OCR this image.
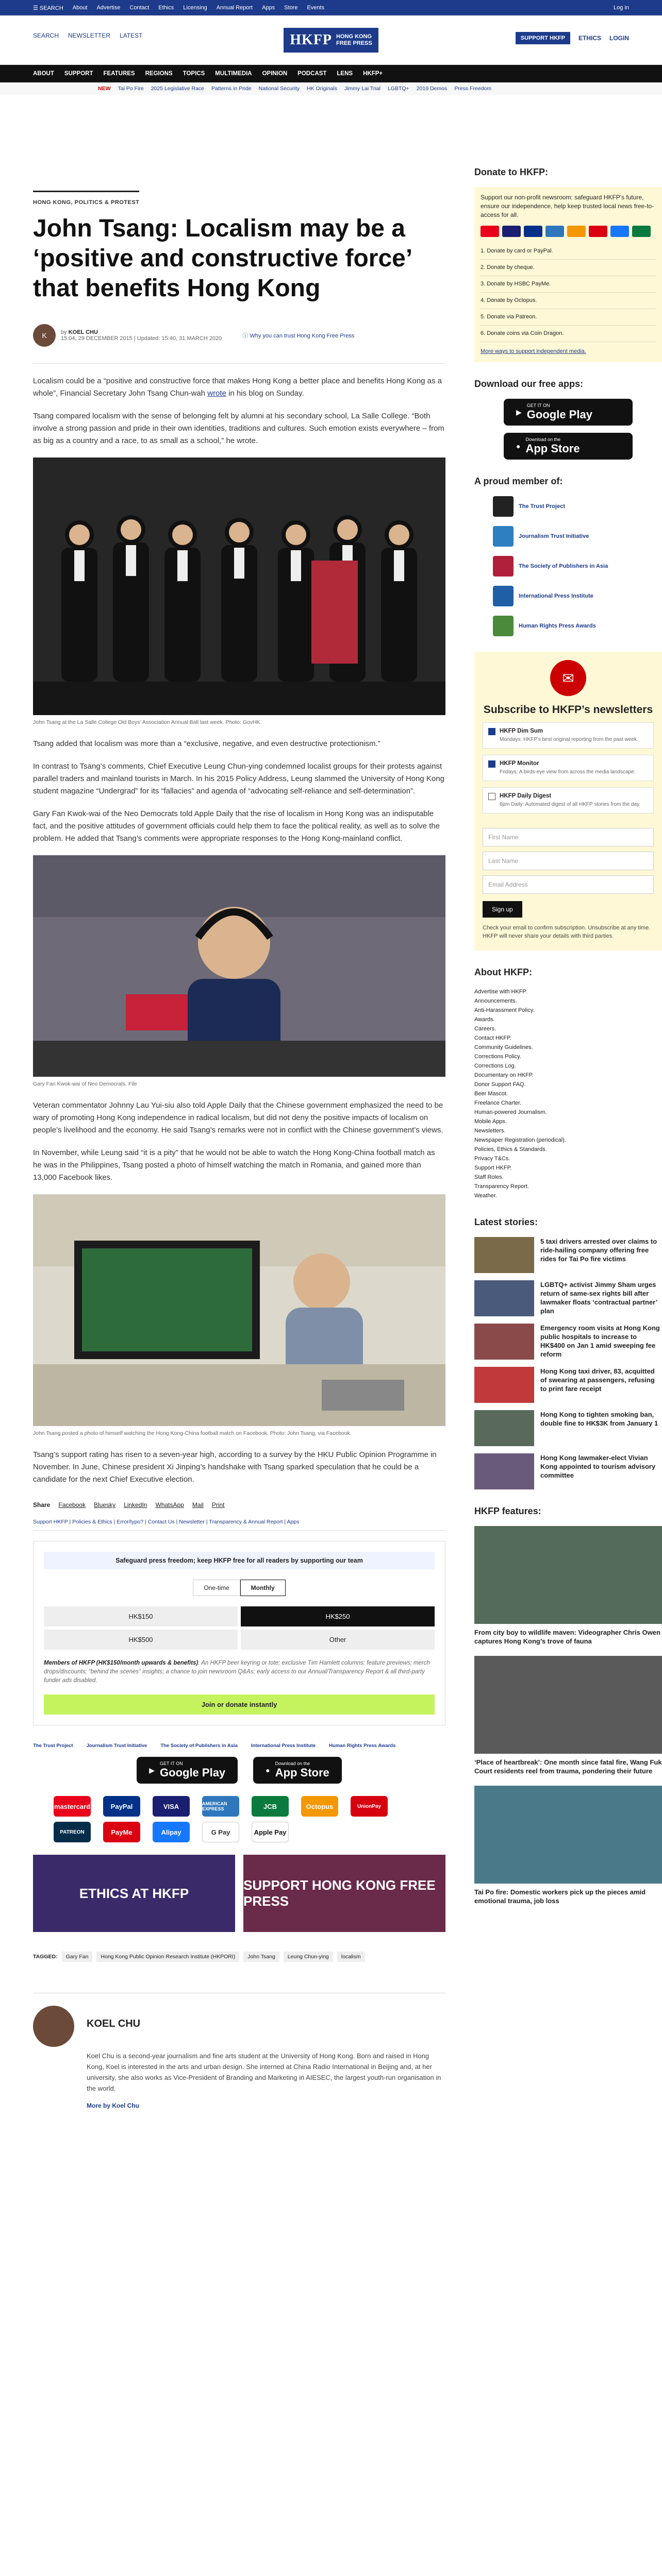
☰ SEARCH About Advertise Contact Ethics Licensing Annual Report Apps Store Events	Log in
SEARCH NEWSLETTER LATEST	HKFP HONG KONG
FREE PRESS
SUPPORT HKFP	ETHICS LOGIN
ABOUT SUPPORT FEATURES REGIONS TOPICS MULTIMEDIA OPINION PODCAST LENS HKFP+
NEW Tai Po Fire 2025 Legislative Race Patterns in Pride National Security HK Originals Jimmy Lai Trial LGBTQ+ 2019 Demos Press Freedom
HONG KONG, POLITICS & PROTEST
John Tsang: Localism may be a ‘positive and constructive force’ that benefits Hong Kong
K	by KOEL CHU
15:04, 29 DECEMBER 2015 | Updated: 15:40, 31 MARCH 2020	ⓘ Why you can trust Hong Kong Free Press

Localism could be a “positive and constructive force that makes Hong Kong a better place and benefits Hong Kong as a whole”, Financial Secretary John Tsang Chun-wah wrote in his blog on Sunday.

Tsang compared localism with the sense of belonging felt by alumni at his secondary school, La Salle College. “Both involve a strong passion and pride in their own identities, traditions and cultures. Such emotion exists everywhere – from as big as a country and a race, to as small as a school,” he wrote.

John Tsang at the La Salle College Old Boys’ Association Annual Ball last week. Photo: GovHK.

Tsang added that localism was more than a “exclusive, negative, and even destructive protectionism.”

In contrast to Tsang’s comments, Chief Executive Leung Chun-ying condemned localist groups for their protests against parallel traders and mainland tourists in March. In his 2015 Policy Address, Leung slammed the University of Hong Kong student magazine “Undergrad” for its “fallacies” and agenda of “advocating self-reliance and self-determination”.

Gary Fan Kwok-wai of the Neo Democrats told Apple Daily that the rise of localism in Hong Kong was an indisputable fact, and the positive attitudes of government officials could help them to face the political reality, as well as to solve the problem. He added that Tsang’s comments were appropriate responses to the Hong Kong-mainland conflict.

Gary Fan Kwok-wai of Neo Democrats. File

Veteran commentator Johnny Lau Yui-siu also told Apple Daily that the Chinese government emphasized the need to be wary of promoting Hong Kong independence in radical localism, but did not deny the positive impacts of localism on people’s livelihood and the economy. He said Tsang’s remarks were not in conflict with the Chinese government’s views.

In November, while Leung said “it is a pity” that he would not be able to watch the Hong Kong-China football match as he was in the Philippines, Tsang posted a photo of himself watching the match in Romania, and gained more than 13,000 Facebook likes.

John Tsang posted a photo of himself watching the Hong Kong-China football match on Facebook. Photo: John Tsang, via Facebook.

Tsang’s support rating has risen to a seven-year high, according to a survey by the HKU Public Opinion Programme in November. In June, Chinese president Xi Jinping’s handshake with Tsang sparked speculation that he could be a candidate for the next Chief Executive election.

Share Facebook Bluesky LinkedIn WhatsApp Mail Print
Support HKFP | Policies & Ethics | Error/typo? | Contact Us | Newsletter | Transparency & Annual Report | Apps
Safeguard press freedom; keep HKFP free for all readers by supporting our team
One-time	Monthly
HK$150	HK$250
HK$500	Other
Members of HKFP (HK$150/month upwards & benefits): An HKFP beer keyring or tote; exclusive Tim Hamlett columns; feature previews; merch drops/discounts; “behind the scenes” insights; a chance to join newsroom Q&As; early access to our Annual/Transparency Report & all third-party funder ads disabled.
Join or donate instantly
The Trust Project	Journalism Trust Initiative	The Society of Publishers in Asia	International Press Institute	Human Rights Press Awards
▶
GET IT ON
Google Play	●
Download on the
App Store
mastercard	PayPal	VISA	AMERICAN EXPRESS	JCB	Octopus	UnionPay
PATREON	PayMe	Alipay	G Pay	Apple Pay
ETHICS AT HKFP
SUPPORT HONG KONG FREE PRESS
TAGGED:	Gary Fan	Hong Kong Public Opinion Research Institute (HKPORI)	John Tsang	Leung Chun-ying	localism
KOEL CHU
Koel Chu is a second-year journalism and fine arts student at the University of Hong Kong. Born and raised in Hong Kong, Koel is interested in the arts and urban design. She interned at China Radio International in Beijing and, at her university, she also works as Vice-President of Branding and Marketing in AIESEC, the largest youth-run organisation in the world.
More by Koel Chu
Donate to HKFP:
Support our non-profit newsroom: safeguard HKFP's future, ensure our independence, help keep trusted local news free-to-access for all.
1. Donate by card or PayPal.
2. Donate by cheque.
3. Donate by HSBC PayMe.
4. Donate by Octopus.
5. Donate via Patreon.
6. Donate coins via Coin Dragon.
More ways to support independent media.
Download our free apps:
▶
GET IT ON
Google Play
●
Download on the
App Store
A proud member of:
The Trust Project
Journalism Trust Initiative
The Society of Publishers in Asia
International Press Institute
Human Rights Press Awards
✉
Subscribe to HKFP’s newsletters
HKFP Dim Sum

Mondays: HKFP's best original reporting from the past week.

HKFP Monitor

Fridays: A birds-eye view from across the media landscape.

HKFP Daily Digest

6pm Daily: Automated digest of all HKFP stories from the day.

First Name
Last Name
Email Address
Sign up
Check your email to confirm subscription. Unsubscribe at any time. HKFP will never share your details with third parties.
About HKFP:
Advertise with HKFP.
Announcements.
Anti-Harassment Policy.
Awards.
Careers.
Contact HKFP.
Community Guidelines.
Corrections Policy.
Corrections Log.
Documentary on HKFP.
Donor Support FAQ.
Beer Mascot.
Freelance Charter.
Human-powered Journalism.
Mobile Apps.
Newsletters.
Newspaper Registration (periodical).
Policies, Ethics & Standards.
Privacy T&Cs.
Support HKFP.
Staff Roles.
Transparency Report.
Weather.
Latest stories:
5 taxi drivers arrested over claims to ride-hailing company offering free rides for Tai Po fire victims
LGBTQ+ activist Jimmy Sham urges return of same-sex rights bill after lawmaker floats ‘contractual partner’ plan
Emergency room visits at Hong Kong public hospitals to increase to HK$400 on Jan 1 amid sweeping fee reform
Hong Kong taxi driver, 83, acquitted of swearing at passengers, refusing to print fare receipt
Hong Kong to tighten smoking ban, double fine to HK$3K from January 1
Hong Kong lawmaker-elect Vivian Kong appointed to tourism advisory committee
HKFP features:
From city boy to wildlife maven: Videographer Chris Owen captures Hong Kong’s trove of fauna
‘Place of heartbreak’: One month since fatal fire, Wang Fuk Court residents reel from trauma, pondering their future
Tai Po fire: Domestic workers pick up the pieces amid emotional trauma, job loss
